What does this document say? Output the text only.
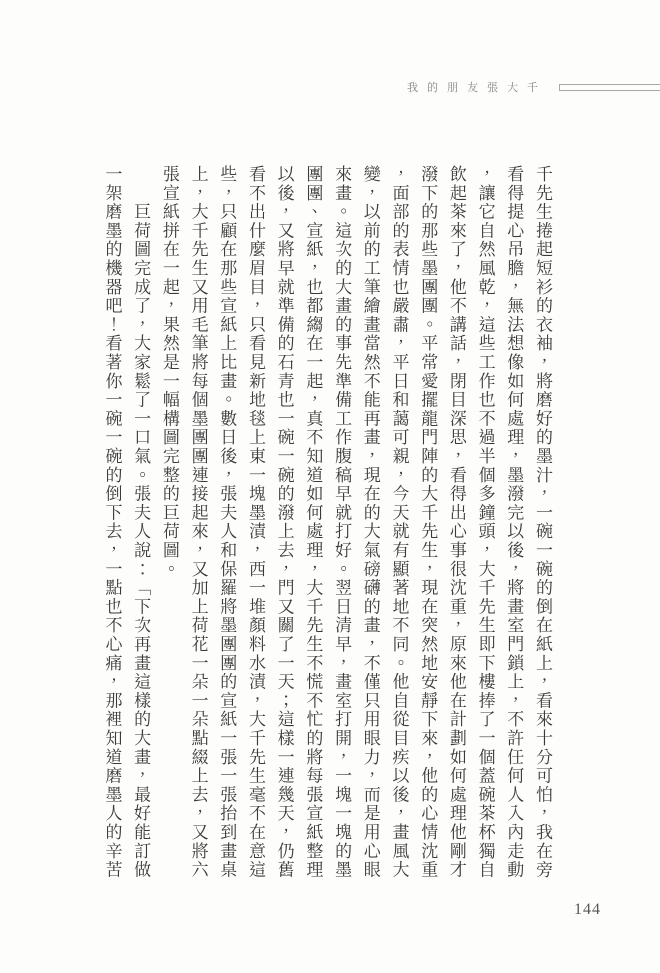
我的朋友張大千
千先生捲起短衫的衣袖，將磨好的墨汁，一碗一碗的倒在紙上，看來十分可怕，我在旁
看得提心吊膽，無法想像如何處理，墨潑完以後，將畫室門鎖上，不許任何人入內走動
，讓它自然風乾，這些工作也不過半個多鐘頭，大千先生即下樓捧了一個蓋碗茶杯獨自
飲起茶來了，他不講話，閉目深思，看得出心事很沈重，原來他在計劃如何處理他剛才
潑下的那些墨團團。平常愛擺龍門陣的大千先生，現在突然地安靜下來，他的心情沈重
，面部的表情也嚴肅，平日和藹可親，今天就有顯著地不同。他自從目疾以後，畫風大
變，以前的工筆繪畫當然不能再畫，現在的大氣磅礴的畫，不僅只用眼力，而是用心眼
來畫。這次的大畫的事先準備工作腹稿早就打好。翌日清早，畫室打開，一塊一塊的墨
團團、宣紙，也都縐在一起，真不知道如何處理，大千先生不慌不忙的將每張宣紙整理
以後，又將早就準備的石青也一碗一碗的潑上去，門又關了一天；這樣一連幾天，仍舊
看不出什麼眉目，只看見新地毯上東一塊墨漬，西一堆顏料水漬，大千先生毫不在意這
些，只顧在那些宣紙上比畫。數日後，張夫人和保羅將墨團團的宣紙一張一張抬到畫桌
上，大千先生又用毛筆將每個墨團團連接起來，又加上荷花一朵一朵點綴上去，又將六
張宣紙拼在一起，果然是一幅構圖完整的巨荷圖。
　　巨荷圖完成了，大家鬆了一口氣。張夫人說：「下次再畫這樣的大畫，最好能訂做
一架磨墨的機器吧！看著你一碗一碗的倒下去，一點也不心痛，那裡知道磨墨人的辛苦
144
